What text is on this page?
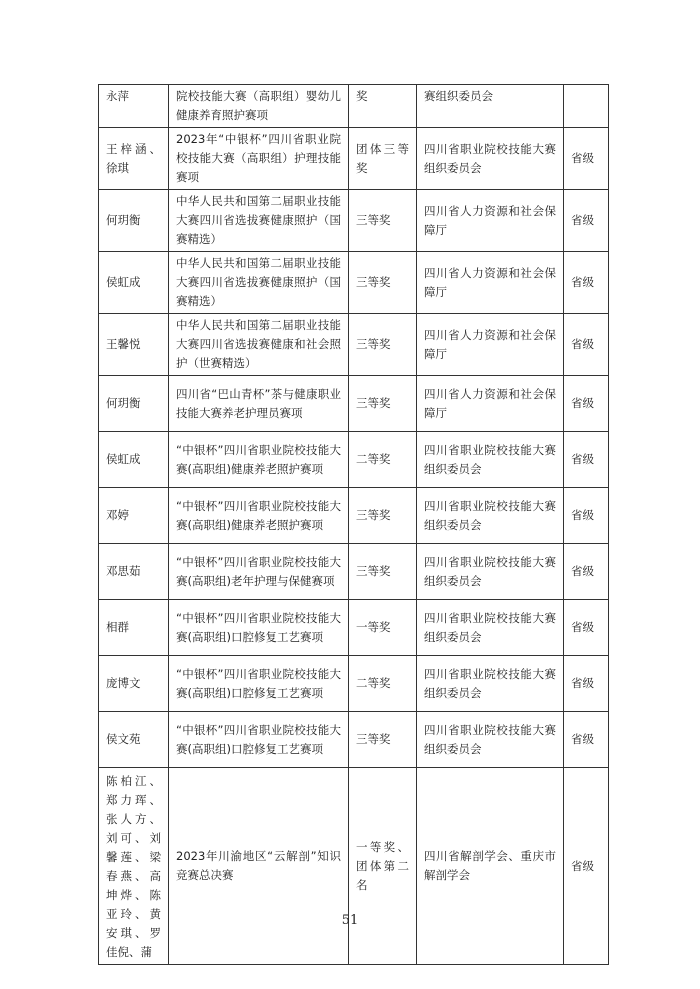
永萍	院校技能大赛（高职组）婴幼儿健康养育照护赛项	奖	赛组织委员会	
王梓涵、徐琪	2023年“中银杯”四川省职业院校技能大赛（高职组）护理技能赛项	团体三等奖	四川省职业院校技能大赛组织委员会	省级
何玥衡	中华人民共和国第二届职业技能大赛四川省选拔赛健康照护（国赛精选）	三等奖	四川省人力资源和社会保障厅	省级
侯虹成	中华人民共和国第二届职业技能大赛四川省选拔赛健康照护（国赛精选）	三等奖	四川省人力资源和社会保障厅	省级
王馨悦	中华人民共和国第二届职业技能大赛四川省选拔赛健康和社会照护（世赛精选）	三等奖	四川省人力资源和社会保障厅	省级
何玥衡	四川省“巴山青杯”茶与健康职业技能大赛养老护理员赛项	三等奖	四川省人力资源和社会保障厅	省级
侯虹成	“中银杯”四川省职业院校技能大赛(高职组)健康养老照护赛项	二等奖	四川省职业院校技能大赛组织委员会	省级
邓婷	“中银杯”四川省职业院校技能大赛(高职组)健康养老照护赛项	三等奖	四川省职业院校技能大赛组织委员会	省级
邓思茹	“中银杯”四川省职业院校技能大赛(高职组)老年护理与保健赛项	三等奖	四川省职业院校技能大赛组织委员会	省级
相群	“中银杯”四川省职业院校技能大赛(高职组)口腔修复工艺赛项	一等奖	四川省职业院校技能大赛组织委员会	省级
庞博文	“中银杯”四川省职业院校技能大赛(高职组)口腔修复工艺赛项	二等奖	四川省职业院校技能大赛组织委员会	省级
侯文苑	“中银杯”四川省职业院校技能大赛(高职组)口腔修复工艺赛项	三等奖	四川省职业院校技能大赛组织委员会	省级
陈柏江、郑力珲、张人方、刘可、刘馨莲、梁春燕、高坤烨、陈亚玲、黄安琪、罗佳倪、蒲	2023年川渝地区“云解剖”知识竞赛总决赛	一等奖、团体第二名	四川省解剖学会、重庆市解剖学会	省级
51
